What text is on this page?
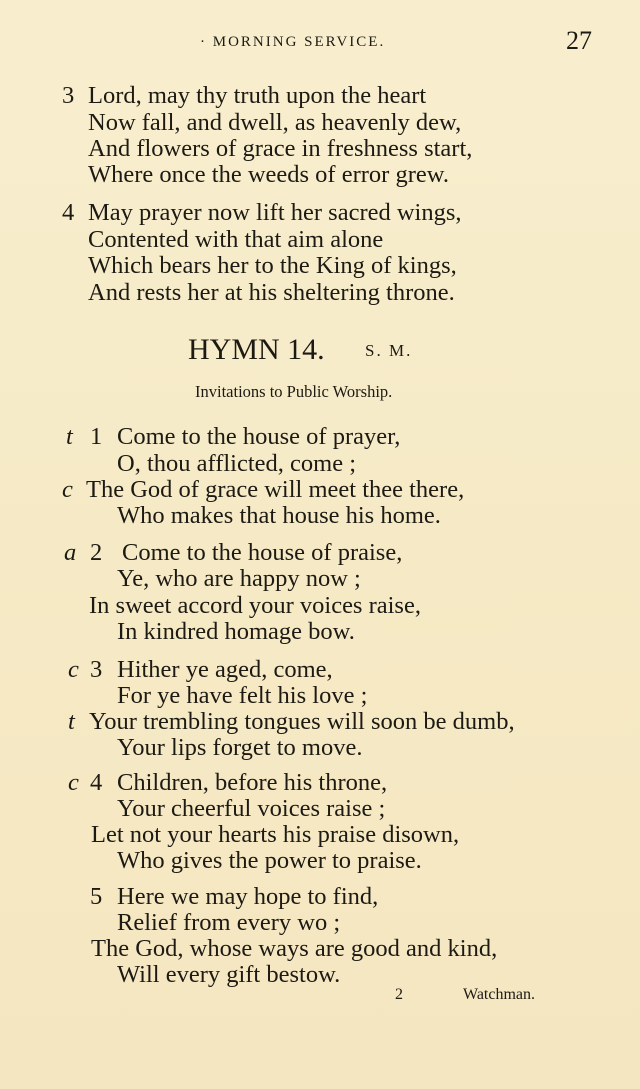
· MORNING SERVICE.	27
3 Lord, may thy truth upon the heart
Now fall, and dwell, as heavenly dew,
And flowers of grace in freshness start,
Where once the weeds of error grew.
4 May prayer now lift her sacred wings,
Contented with that aim alone
Which bears her to the King of kings,
And rests her at his sheltering throne.
HYMN 14. S. M.
Invitations to Public Worship.
t 1 Come to the house of prayer,
O, thou afflicted, come ;
c The God of grace will meet thee there,
Who makes that house his home.
a 2 Come to the house of praise,
Ye, who are happy now ;
In sweet accord your voices raise,
In kindred homage bow.
c 3 Hither ye aged, come,
For ye have felt his love ;
t Your trembling tongues will soon be dumb,
Your lips forget to move.
c 4 Children, before his throne,
Your cheerful voices raise ;
Let not your hearts his praise disown,
Who gives the power to praise.
5 Here we may hope to find,
Relief from every wo ;
The God, whose ways are good and kind,
Will every gift bestow.
2	Watchman.
